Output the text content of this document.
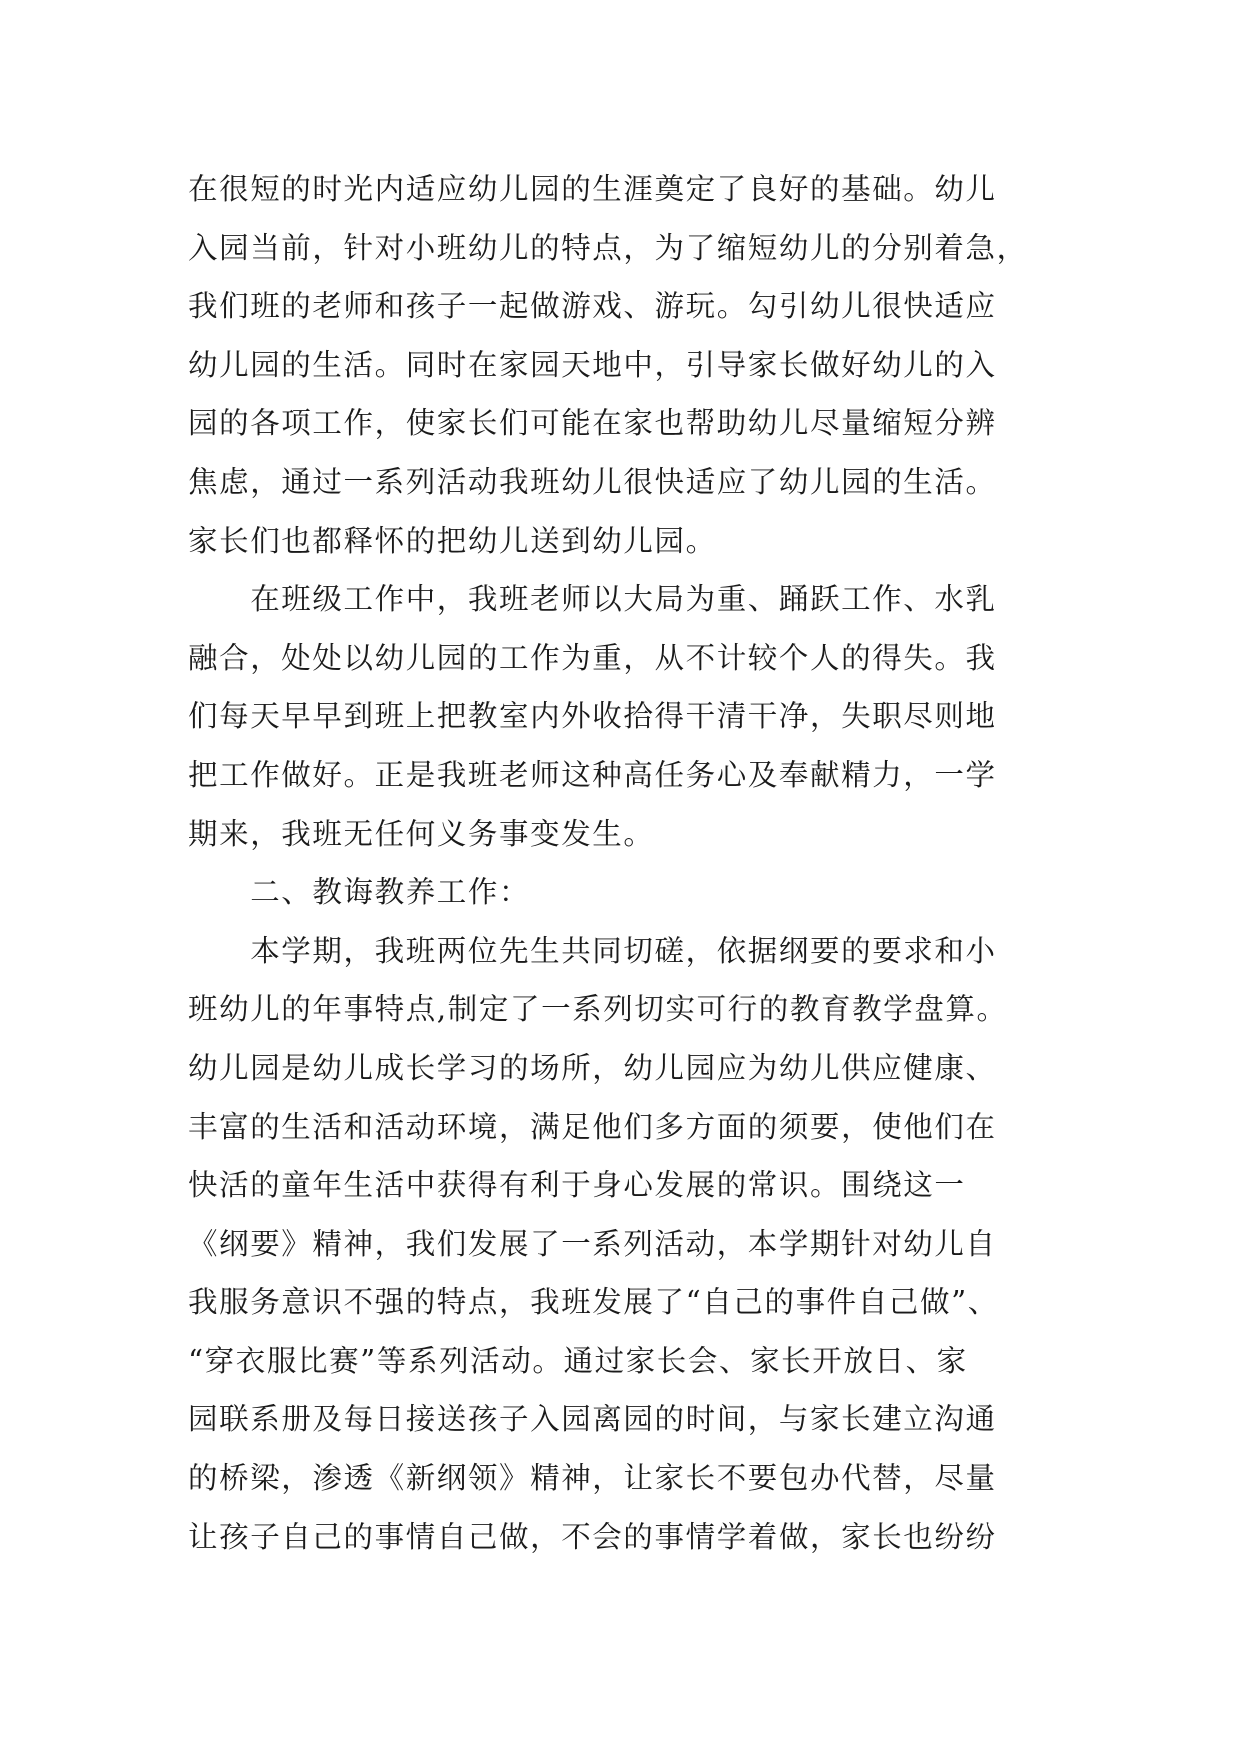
在很短的时光内适应幼儿园的生涯奠定了良好的基础。幼儿
入园当前，针对小班幼儿的特点，为了缩短幼儿的分别着急，
我们班的老师和孩子一起做游戏、游玩。勾引幼儿很快适应
幼儿园的生活。同时在家园天地中，引导家长做好幼儿的入
园的各项工作，使家长们可能在家也帮助幼儿尽量缩短分辨
焦虑，通过一系列活动我班幼儿很快适应了幼儿园的生活。
家长们也都释怀的把幼儿送到幼儿园。
　　在班级工作中，我班老师以大局为重、踊跃工作、水乳
融合，处处以幼儿园的工作为重，从不计较个人的得失。我
们每天早早到班上把教室内外收拾得干清干净，失职尽则地
把工作做好。正是我班老师这种高任务心及奉献精力，一学
期来，我班无任何义务事变发生。
　　二、教诲教养工作：
　　本学期，我班两位先生共同切磋，依据纲要的要求和小
班幼儿的年事特点,制定了一系列切实可行的教育教学盘算。
幼儿园是幼儿成长学习的场所，幼儿园应为幼儿供应健康、
丰富的生活和活动环境，满足他们多方面的须要，使他们在
快活的童年生活中获得有利于身心发展的常识。围绕这一
《纲要》精神，我们发展了一系列活动，本学期针对幼儿自
我服务意识不强的特点，我班发展了“自己的事件自己做”、
“穿衣服比赛”等系列活动。通过家长会、家长开放日、家
园联系册及每日接送孩子入园离园的时间，与家长建立沟通
的桥梁，渗透《新纲领》精神，让家长不要包办代替，尽量
让孩子自己的事情自己做，不会的事情学着做，家长也纷纷
